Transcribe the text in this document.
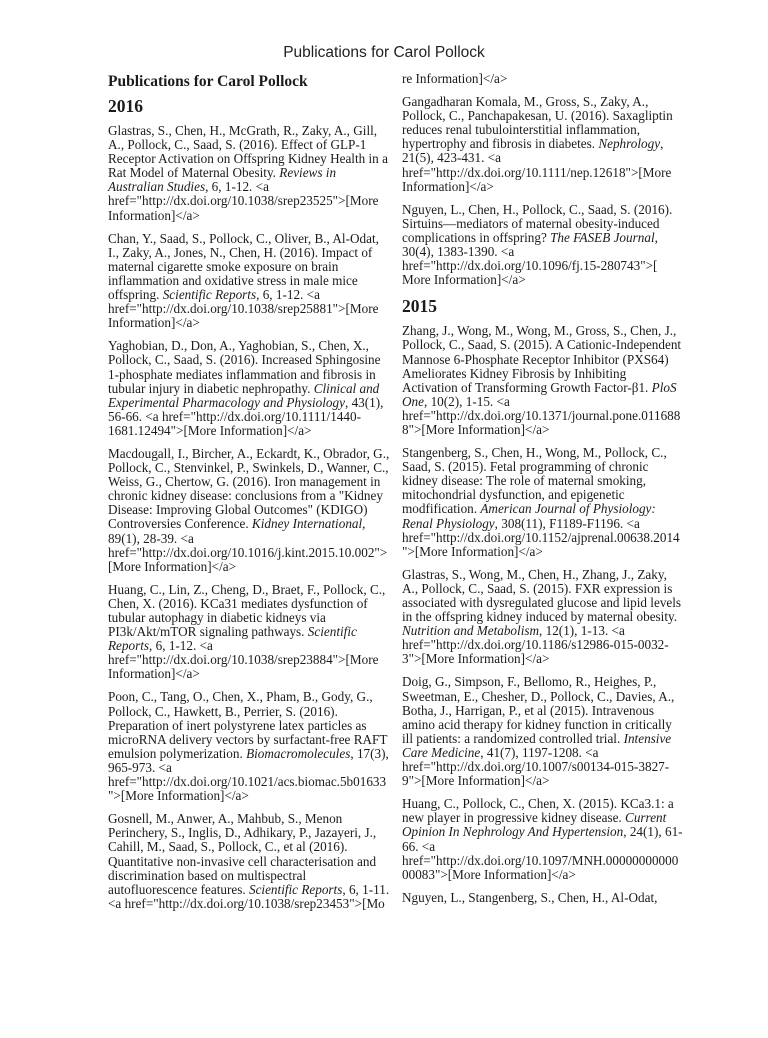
Publications for Carol Pollock
Publications for Carol Pollock
2016

Glastras, S., Chen, H., McGrath, R., Zaky, A., Gill, A., Pollock, C., Saad, S. (2016). Effect of GLP-1 Receptor Activation on Offspring Kidney Health in a Rat Model of Maternal Obesity. Reviews in Australian Studies, 6, 1-12. <a href="http://dx.doi.org/10.1038/srep23525">[More Information]</a>

Chan, Y., Saad, S., Pollock, C., Oliver, B., Al-Odat, I., Zaky, A., Jones, N., Chen, H. (2016). Impact of maternal cigarette smoke exposure on brain inflammation and oxidative stress in male mice offspring. Scientific Reports, 6, 1-12. <a href="http://dx.doi.org/10.1038/srep25881">[More Information]</a>

Yaghobian, D., Don, A., Yaghobian, S., Chen, X., Pollock, C., Saad, S. (2016). Increased Sphingosine 1-phosphate mediates inflammation and fibrosis in tubular injury in diabetic nephropathy. Clinical and Experimental Pharmacology and Physiology, 43(1), 56-66. <a href="http://dx.doi.org/10.1111/1440-1681.12494">[More Information]</a>

Macdougall, I., Bircher, A., Eckardt, K., Obrador, G., Pollock, C., Stenvinkel, P., Swinkels, D., Wanner, C., Weiss, G., Chertow, G. (2016). Iron management in chronic kidney disease: conclusions from a "Kidney Disease: Improving Global Outcomes" (KDIGO) Controversies Conference. Kidney International, 89(1), 28-39. <a href="http://dx.doi.org/10.1016/j.kint.2015.10.002">[More Information]</a>

Huang, C., Lin, Z., Cheng, D., Braet, F., Pollock, C., Chen, X. (2016). KCa31 mediates dysfunction of tubular autophagy in diabetic kidneys via PI3k/Akt/mTOR signaling pathways. Scientific Reports, 6, 1-12. <a href="http://dx.doi.org/10.1038/srep23884">[More Information]</a>

Poon, C., Tang, O., Chen, X., Pham, B., Gody, G., Pollock, C., Hawkett, B., Perrier, S. (2016). Preparation of inert polystyrene latex particles as microRNA delivery vectors by surfactant-free RAFT emulsion polymerization. Biomacromolecules, 17(3), 965-973. <a href="http://dx.doi.org/10.1021/acs.biomac.5b01633">[More Information]</a>

Gosnell, M., Anwer, A., Mahbub, S., Menon Perinchery, S., Inglis, D., Adhikary, P., Jazayeri, J., Cahill, M., Saad, S., Pollock, C., et al (2016). Quantitative non-invasive cell characterisation and discrimination based on multispectral autofluorescence features. Scientific Reports, 6, 1-11. <a href="http://dx.doi.org/10.1038/srep23453">[Mo

re Information]</a>

Gangadharan Komala, M., Gross, S., Zaky, A., Pollock, C., Panchapakesan, U. (2016). Saxagliptin reduces renal tubulointerstitial inflammation, hypertrophy and fibrosis in diabetes. Nephrology, 21(5), 423-431. <a href="http://dx.doi.org/10.1111/nep.12618">[More Information]</a>

Nguyen, L., Chen, H., Pollock, C., Saad, S. (2016). Sirtuins—mediators of maternal obesity-induced complications in offspring? The FASEB Journal, 30(4), 1383-1390. <a href="http://dx.doi.org/10.1096/fj.15-280743">[ More Information]</a>

2015

Zhang, J., Wong, M., Wong, M., Gross, S., Chen, J., Pollock, C., Saad, S. (2015). A Cationic-Independent Mannose 6-Phosphate Receptor Inhibitor (PXS64) Ameliorates Kidney Fibrosis by Inhibiting Activation of Transforming Growth Factor-β1. PloS One, 10(2), 1-15. <a href="http://dx.doi.org/10.1371/journal.pone.0116888">[More Information]</a>

Stangenberg, S., Chen, H., Wong, M., Pollock, C., Saad, S. (2015). Fetal programming of chronic kidney disease: The role of maternal smoking, mitochondrial dysfunction, and epigenetic modfification. American Journal of Physiology: Renal Physiology, 308(11), F1189-F1196. <a href="http://dx.doi.org/10.1152/ajprenal.00638.2014">[More Information]</a>

Glastras, S., Wong, M., Chen, H., Zhang, J., Zaky, A., Pollock, C., Saad, S. (2015). FXR expression is associated with dysregulated glucose and lipid levels in the offspring kidney induced by maternal obesity. Nutrition and Metabolism, 12(1), 1-13. <a href="http://dx.doi.org/10.1186/s12986-015-0032-3">[More Information]</a>

Doig, G., Simpson, F., Bellomo, R., Heighes, P., Sweetman, E., Chesher, D., Pollock, C., Davies, A., Botha, J., Harrigan, P., et al (2015). Intravenous amino acid therapy for kidney function in critically ill patients: a randomized controlled trial. Intensive Care Medicine, 41(7), 1197-1208. <a href="http://dx.doi.org/10.1007/s00134-015-3827-9">[More Information]</a>

Huang, C., Pollock, C., Chen, X. (2015). KCa3.1: a new player in progressive kidney disease. Current Opinion In Nephrology And Hypertension, 24(1), 61-66. <a href="http://dx.doi.org/10.1097/MNH.0000000000000083">[More Information]</a>

Nguyen, L., Stangenberg, S., Chen, H., Al-Odat,
